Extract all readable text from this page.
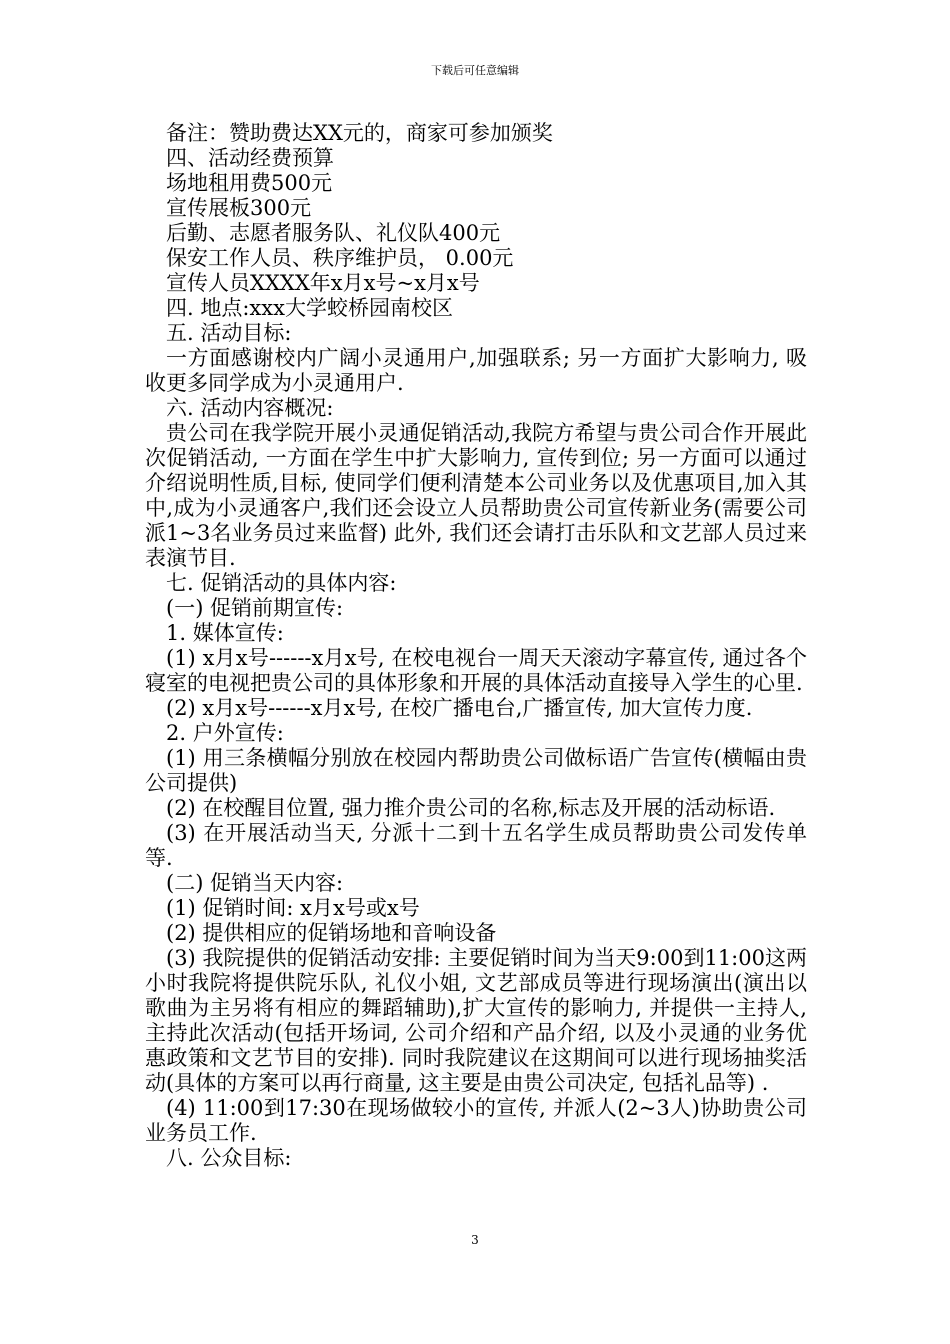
下载后可任意编辑

备注：赞助费达XX元的，商家可参加颁奖

四、活动经费预算

场地租用费500元

宣传展板300元

后勤、志愿者服务队、礼仪队400元

保安工作人员、秩序维护员， 0.00元

宣传人员XXXX年x月x号~x月x号

四. 地点:xxx大学蛟桥园南校区

五. 活动目标:

一方面感谢校内广阔小灵通用户,加强联系; 另一方面扩大影响力, 吸收更多同学成为小灵通用户.

六. 活动内容概况:

贵公司在我学院开展小灵通促销活动,我院方希望与贵公司合作开展此次促销活动, 一方面在学生中扩大影响力, 宣传到位; 另一方面可以通过介绍说明性质,目标, 使同学们便利清楚本公司业务以及优惠项目,加入其中,成为小灵通客户,我们还会设立人员帮助贵公司宣传新业务(需要公司派1~3名业务员过来监督) 此外, 我们还会请打击乐队和文艺部人员过来表演节目.

七. 促销活动的具体内容:

(一) 促销前期宣传:

1. 媒体宣传:

(1) x月x号------x月x号, 在校电视台一周天天滚动字幕宣传, 通过各个寝室的电视把贵公司的具体形象和开展的具体活动直接导入学生的心里.

(2) x月x号------x月x号, 在校广播电台,广播宣传, 加大宣传力度.

2. 户外宣传:

(1) 用三条横幅分别放在校园内帮助贵公司做标语广告宣传(横幅由贵公司提供)

(2) 在校醒目位置, 强力推介贵公司的名称,标志及开展的活动标语.

(3) 在开展活动当天, 分派十二到十五名学生成员帮助贵公司发传单等.

(二) 促销当天内容:

(1) 促销时间: x月x号或x号

(2) 提供相应的促销场地和音响设备

(3) 我院提供的促销活动安排: 主要促销时间为当天9:00到11:00这两小时我院将提供院乐队, 礼仪小姐, 文艺部成员等进行现场演出(演出以歌曲为主另将有相应的舞蹈辅助),扩大宣传的影响力, 并提供一主持人, 主持此次活动(包括开场词, 公司介绍和产品介绍, 以及小灵通的业务优惠政策和文艺节目的安排). 同时我院建议在这期间可以进行现场抽奖活动(具体的方案可以再行商量, 这主要是由贵公司决定, 包括礼品等) .

(4) 11:00到17:30在现场做较小的宣传, 并派人(2~3人)协助贵公司业务员工作.

八. 公众目标:

3
